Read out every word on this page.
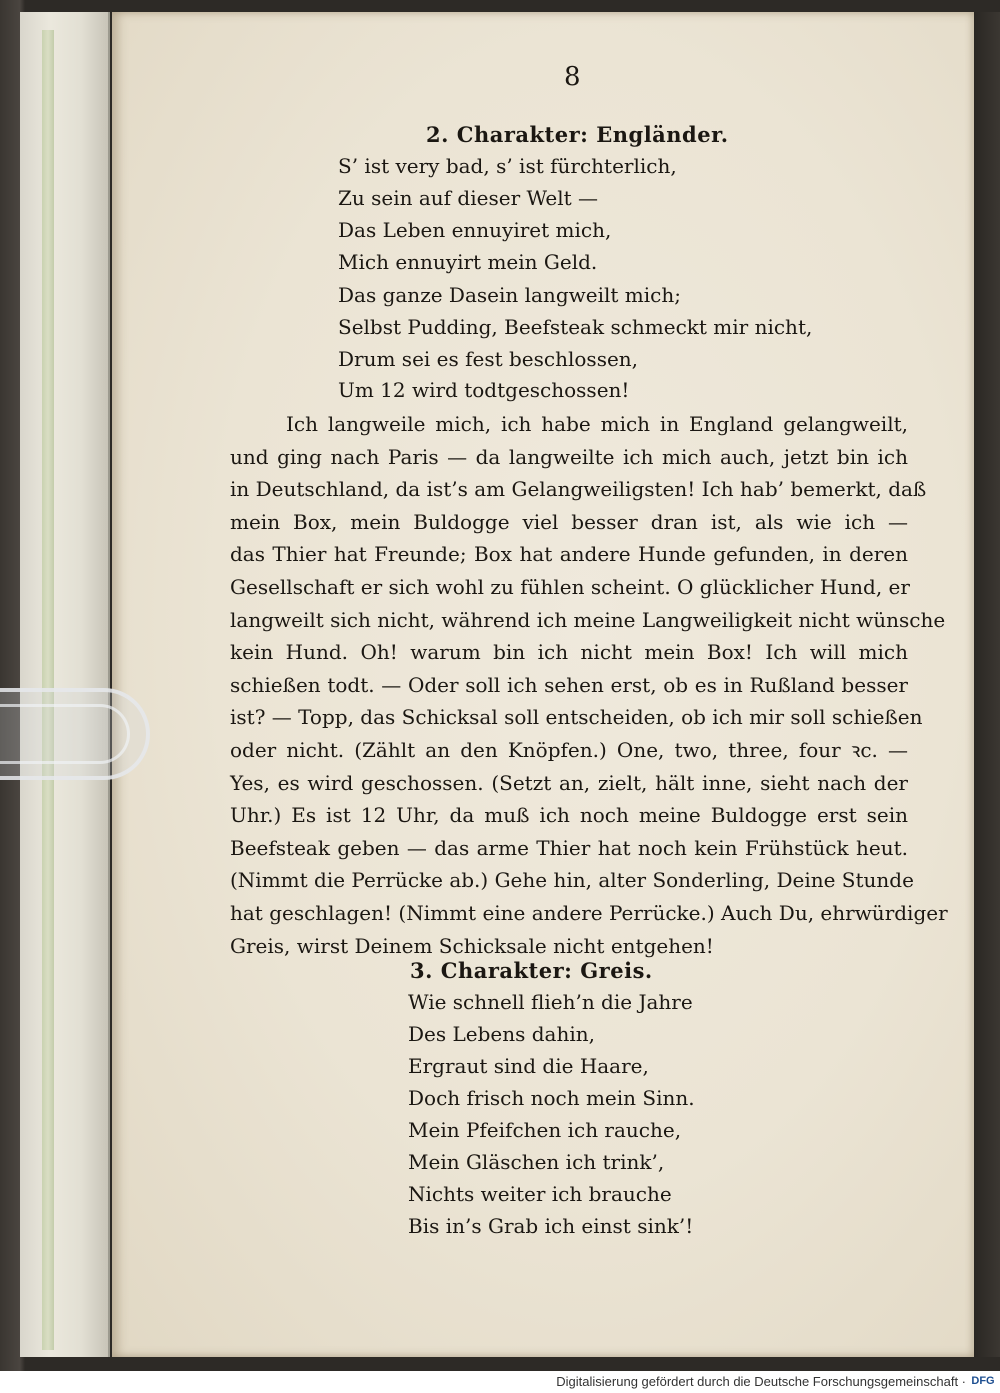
8
2. Charakter: Engländer.
S’ ist very bad, s’ ist fürchterlich,
Zu sein auf dieser Welt —
Das Leben ennuyiret mich,
Mich ennuyirt mein Geld.
Das ganze Dasein langweilt mich;
Selbst Pudding, Beefsteak schmeckt mir nicht,
Drum sei es fest beschlossen,
Um 12 wird todtgeschossen!
Ich langweile mich, ich habe mich in England gelangweilt,
und ging nach Paris — da langweilte ich mich auch, jetzt bin ich
in Deutschland, da ist’s am Gelangweiligsten! Ich hab’ bemerkt, daß
mein Box, mein Buldogge viel besser dran ist, als wie ich —
das Thier hat Freunde; Box hat andere Hunde gefunden, in deren
Gesellschaft er sich wohl zu fühlen scheint. O glücklicher Hund, er
langweilt sich nicht, während ich meine Langweiligkeit nicht wünsche
kein Hund. Oh! warum bin ich nicht mein Box! Ich will mich
schießen todt. — Oder soll ich sehen erst, ob es in Rußland besser
ist? — Topp, das Schicksal soll entscheiden, ob ich mir soll schießen
oder nicht. (Zählt an den Knöpfen.) One, two, three, four ꝛc. —
Yes, es wird geschossen. (Setzt an, zielt, hält inne, sieht nach der
Uhr.) Es ist 12 Uhr, da muß ich noch meine Buldogge erst sein
Beefsteak geben — das arme Thier hat noch kein Frühstück heut.
(Nimmt die Perrücke ab.) Gehe hin, alter Sonderling, Deine Stunde
hat geschlagen! (Nimmt eine andere Perrücke.) Auch Du, ehrwürdiger
Greis, wirst Deinem Schicksale nicht entgehen!
3. Charakter: Greis.
Wie schnell flieh’n die Jahre
Des Lebens dahin,
Ergraut sind die Haare,
Doch frisch noch mein Sinn.
Mein Pfeifchen ich rauche,
Mein Gläschen ich trink’,
Nichts weiter ich brauche
Bis in’s Grab ich einst sink’!
Digitalisierung gefördert durch die Deutsche Forschungsgemeinschaft · DFG
